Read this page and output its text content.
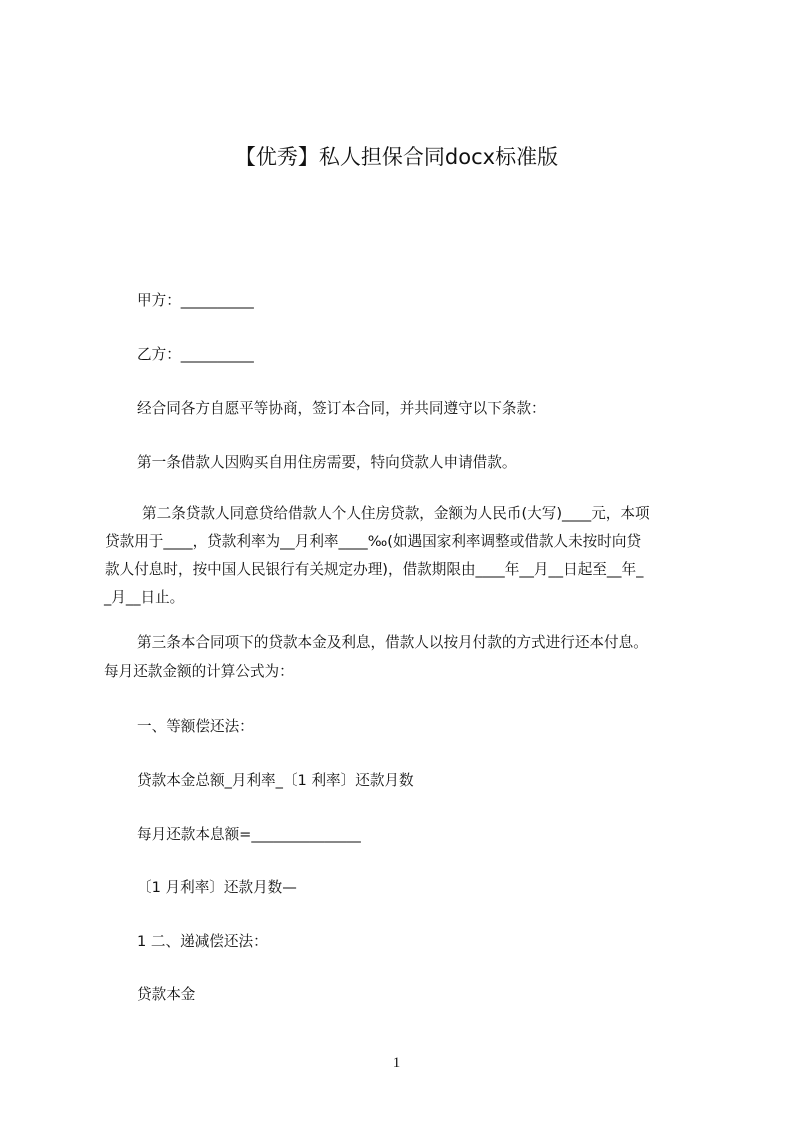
【优秀】私人担保合同docx标准版
甲方：__________
乙方：__________
经合同各方自愿平等协商，签订本合同，并共同遵守以下条款：
第一条借款人因购买自用住房需要，特向贷款人申请借款。
第二条贷款人同意贷给借款人个人住房贷款，金额为人民币(大写)____元，本项
贷款用于____，贷款利率为__月利率____‰(如遇国家利率调整或借款人未按时向贷
款人付息时，按中国人民银行有关规定办理)，借款期限由____年__月__日起至__年_
_月__日止。
第三条本合同项下的贷款本金及利息，借款人以按月付款的方式进行还本付息。
每月还款金额的计算公式为：
一、等额偿还法：
贷款本金总额_月利率_〔1 利率〕还款月数
每月还款本息额=_______________
〔1 月利率〕还款月数—
1 二、递减偿还法：
贷款本金
1
